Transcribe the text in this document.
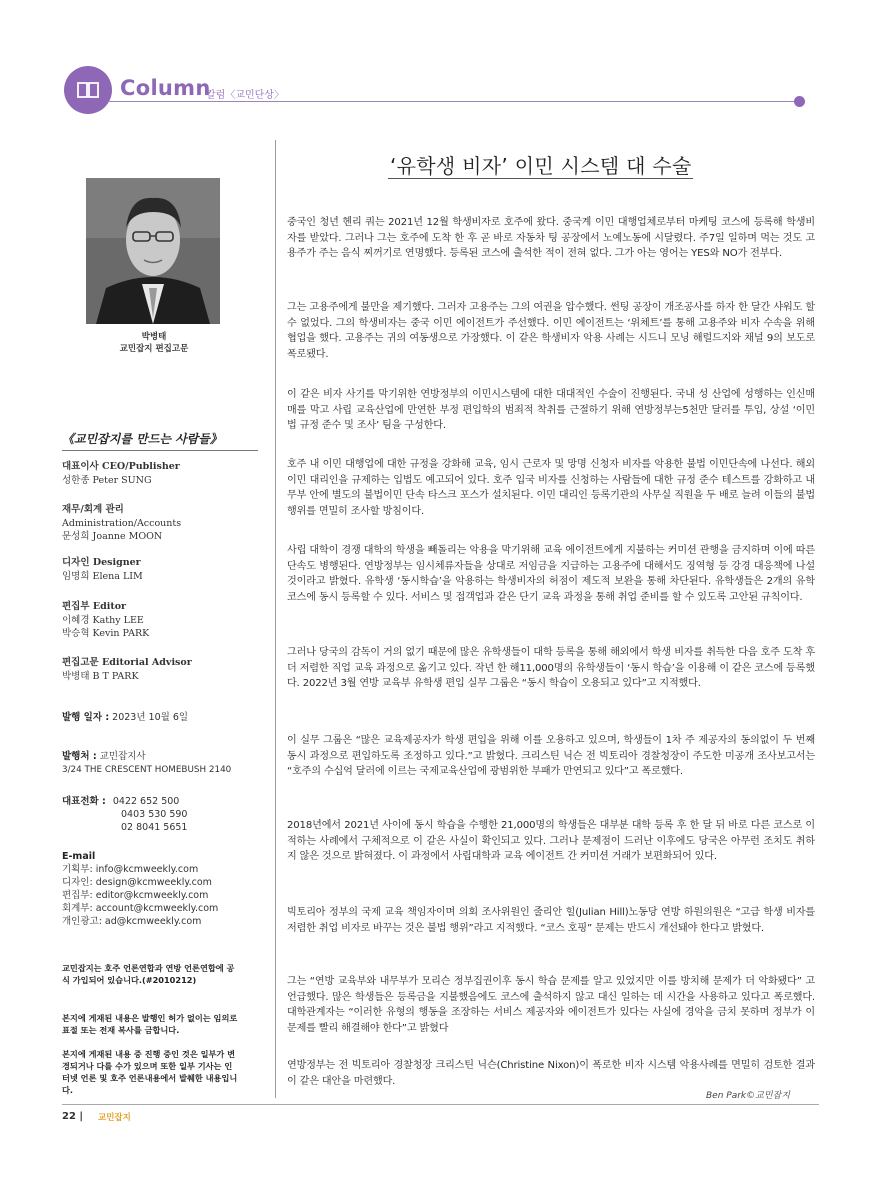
Column
칼럼〈교민단상〉
박병태
교민잡지 편집고문
《교민잡지를 만드는 사람들》
대표이사 CEO/Publisher
성한종 Peter SUNG
재무/회계 관리
Administration/Accounts
문성희 Joanne MOON
디자인 Designer
임명희 Elena LIM
편집부 Editor
이혜경 Kathy LEE
박승혁 Kevin PARK
편집고문 Editorial Advisor
박병태 B T PARK
발행 일자 : 2023년 10월 6일
발행처 : 교민잡지사
3/24 THE CRESCENT HOMEBUSH 2140
대표전화 : 0422 652 500
0403 530 590
02 8041 5651
E-mail
기획부: info@kcmweekly.com
디자인: design@kcmweekly.com
편집부: editor@kcmweekly.com
회계부: account@kcmweekly.com
개인광고: ad@kcmweekly.com
교민잡지는 호주 언론연합과 연방 언론연합에 공식 가입되어 있습니다.(#2010212)
본지에 게재된 내용은 발행인 허가 없이는 임의로 표절 또는 전재 복사를 금합니다.
본지에 게재된 내용 중 진행 중인 것은 일부가 변경되거나 다를 수가 있으며 또한 일부 기사는 인터넷 언론 및 호주 언론내용에서 발췌한 내용입니다.
‘유학생 비자’ 이민 시스템 대 수술
중국인 청년 헨리 쿼는 2021년 12월 학생비자로 호주에 왔다. 중국계 이민 대행업체로부터 마케팅 코스에 등록해 학생비자를 받았다. 그러나 그는 호주에 도착 한 후 곧 바로 자동차 팅 공장에서 노예노동에 시달렸다. 주7일 일하며 먹는 것도 고용주가 주는 음식 찌꺼기로 연명했다. 등록된 코스에 출석한 적이 전혀 없다. 그가 아는 영어는 YES와 NO가 전부다.
그는 고용주에게 불만을 제기했다. 그러자 고용주는 그의 여권을 압수했다. 썬팅 공장이 개조공사를 하자 한 달간 샤워도 할 수 없었다. 그의 학생비자는 중국 이민 에이전트가 주선했다. 이민 에이전트는 ‘위체트’를 통해 고용주와 비자 수속을 위해 협업을 했다. 고용주는 귀의 여동생으로 가장했다. 이 같은 학생비자 악용 사례는 시드니 모닝 해럴드지와 채널 9의 보도로 폭로됐다.
이 같은 비자 사기를 막기위한 연방정부의 이민시스템에 대한 대대적인 수술이 진행된다. 국내 성 산업에 성행하는 인신매매를 막고 사립 교육산업에 만연한 부정 편입학의 범죄적 착취를 근절하기 위해 연방정부는5천만 달러를 투입, 상설 ‘이민법 규정 준수 및 조사’ 팀을 구성한다.
호주 내 이민 대행업에 대한 규정을 강화해 교육, 임시 근로자 및 망명 신청자 비자를 악용한 불법 이민단속에 나선다. 해외 이민 대리인을 규제하는 입법도 예고되어 있다. 호주 입국 비자를 신청하는 사람들에 대한 규정 준수 테스트를 강화하고 내무부 안에 별도의 불법이민 단속 타스크 포스가 설치된다. 이민 대리인 등록기관의 사무실 직원을 두 배로 늘려 이들의 불법행위를 면밀히 조사할 방침이다.
사립 대학이 경쟁 대학의 학생을 빼돌리는 악용을 막기위해 교육 에이전트에게 지불하는 커미션 관행을 금지하며 이에 따른 단속도 병행된다. 연방정부는 임시체류자들을 상대로 저임금을 지급하는 고용주에 대해서도 징역형 등 강경 대응책에 나설 것이라고 밝혔다. 유학생 ‘동시학습’을 악용하는 학생비자의 허점이 제도적 보완을 통해 차단된다. 유학생들은 2개의 유학 코스에 동시 등록할 수 있다. 서비스 및 접객업과 같은 단기 교육 과정을 통해 취업 준비를 할 수 있도록 고안된 규칙이다.
그러나 당국의 감독이 거의 없기 때문에 많은 유학생들이 대학 등록을 통해 해외에서 학생 비자를 취득한 다음 호주 도착 후 더 저렴한 직업 교육 과정으로 옮기고 있다. 작년 한 해11,000명의 유학생들이 ‘동시 학습’을 이용해 이 같은 코스에 등록했다. 2022년 3월 연방 교육부 유학생 편입 실무 그룹은 “동시 학습이 오용되고 있다”고 지적했다.
이 실무 그룹은 “많은 교육제공자가 학생 편입을 위해 이를 오용하고 있으며, 학생들이 1차 주 제공자의 동의없이 두 번째 동시 과정으로 편입하도록 조정하고 있다.”고 밝혔다. 크리스틴 닉슨 전 빅토리아 경찰청장이 주도한 미공개 조사보고서는 “호주의 수십억 달러에 이르는 국제교육산업에 광범위한 부패가 만연되고 있다”고 폭로했다.
2018년에서 2021년 사이에 동시 학습을 수행한 21,000명의 학생들은 대부분 대학 등록 후 한 달 뒤 바로 다른 코스로 이적하는 사례에서 구체적으로 이 같은 사실이 확인되고 있다. 그러나 문제점이 드러난 이후에도 당국은 아무런 조치도 취하지 않은 것으로 밝혀졌다. 이 과정에서 사립대학과 교육 에이전트 간 커미션 거래가 보편화되어 있다.
빅토리아 정부의 국제 교육 책임자이며 의회 조사위원인 줄리안 힐(Julian Hill)노동당 연방 하원의원은 “고급 학생 비자를 저렴한 취업 비자로 바꾸는 것은 불법 행위”라고 지적했다. “코스 호핑” 문제는 반드시 개선돼야 한다고 밝혔다.
그는 “연방 교육부와 내무부가 모리슨 정부집권이후 동시 학습 문제를 알고 있었지만 이를 방치해 문제가 더 악화됐다” 고 언급했다. 많은 학생들은 등록금을 지불했음에도 코스에 출석하지 않고 대신 일하는 데 시간을 사용하고 있다고 폭로했다. 대학관계자는 “이러한 유형의 행동을 조장하는 서비스 제공자와 에이전트가 있다는 사실에 경악을 금치 못하며 정부가 이 문제를 빨리 해결해야 한다”고 밝혔다
연방정부는 전 빅토리아 경찰청장 크리스틴 닉슨(Christine Nixon)이 폭로한 비자 시스템 악용사례를 면밀히 검토한 결과 이 같은 대안을 마련했다.
Ben Park©교민잡지
22 | 교민잡지
